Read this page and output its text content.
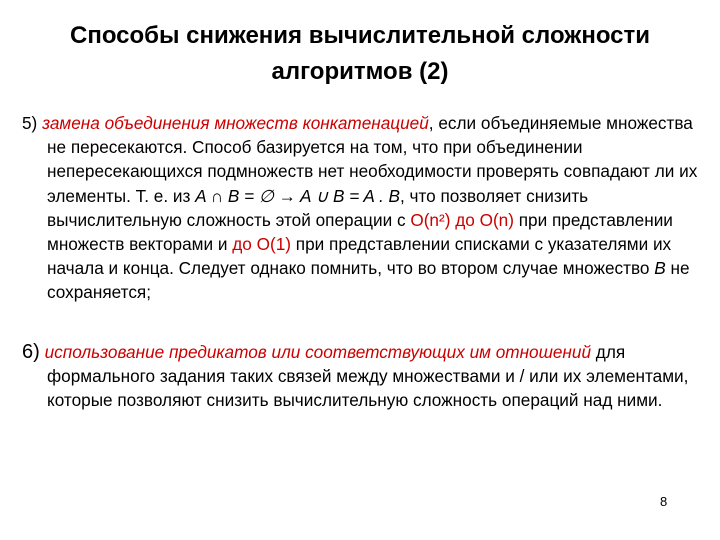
Способы снижения вычислительной сложности
алгоритмов (2)

5) замена объединения множеств конкатенацией, если объединяемые множества не пересекаются. Способ базируется на том, что при объединении непересекающихся подмножеств нет необходимости проверять совпадают ли их элементы. Т. е. из A ∩ B = ∅ → A ∪ B = A . B, что позволяет снизить вычислительную сложность этой операции с O(n²) до O(n) при представлении множеств векторами и до O(1) при представлении списками с указателями их начала и конца. Следует однако помнить, что во втором случае множество B не сохраняется;

6) использование предикатов или соответствующих им отношений для формального задания таких связей между множествами и / или их элементами, которые позволяют снизить вычислительную сложность операций над ними.

8
